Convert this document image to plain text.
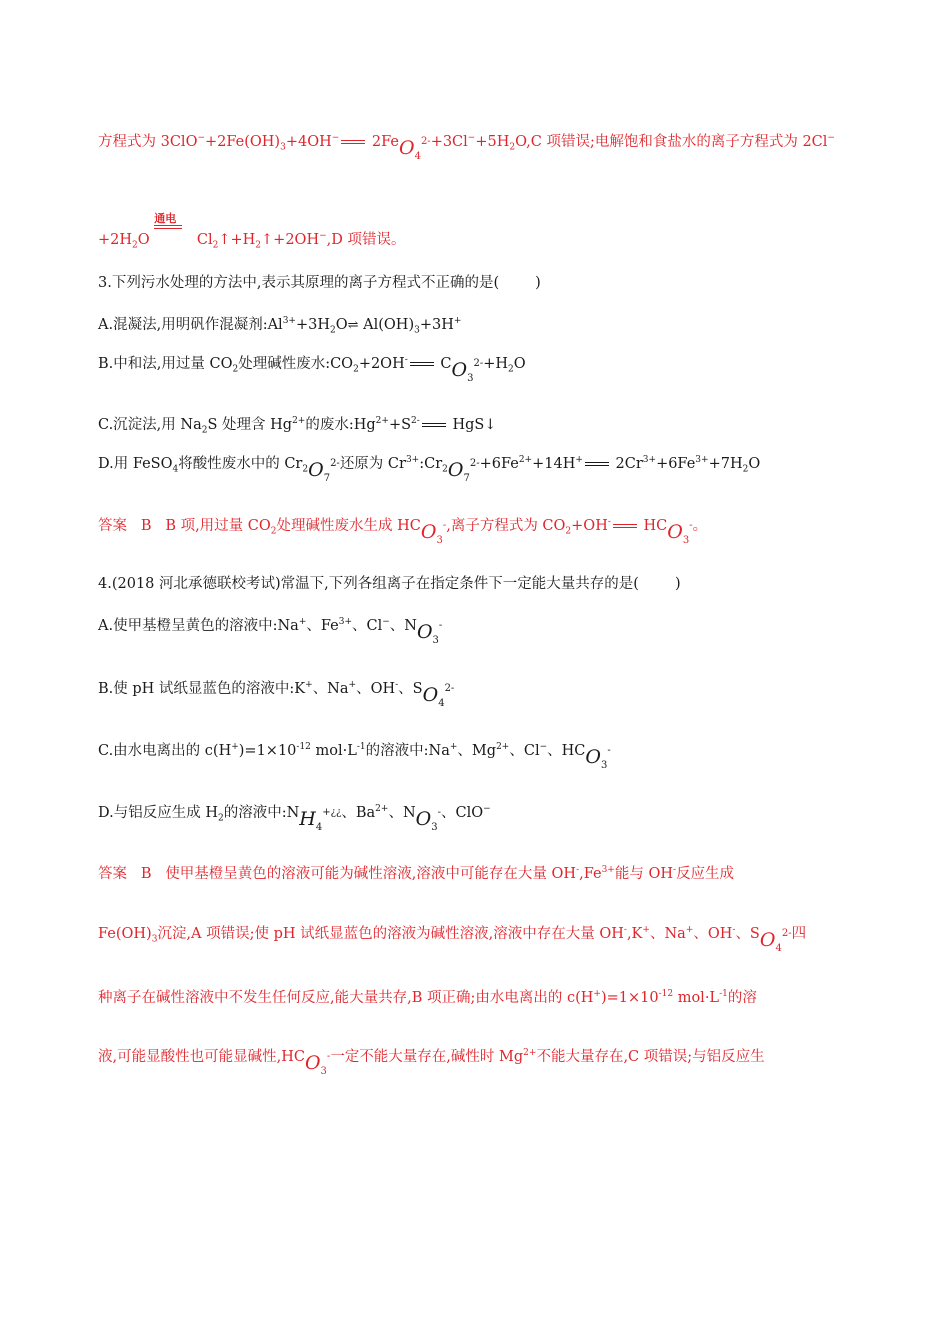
方程式为 $3ClO^-+2Fe(OH)_3+4OH^-$ $2FeO_42-+3Cl^-+5H_2O,C$ 项错误;电解饱和食盐水的离子方程式为 2Cl−
$+2H_2O$
通电
$Cl_2↑+H_2↑+2OH^-,D$ 项错误。
3.下列污水处理的方法中,表示其原理的离子方程式不正确的是( )
A.混凝法,用明矾作混凝剂$:Al^{3+}+3H_2O\rightleftharpoons$ $Al(OH)_3+3H^+$
B.中和法,用过量 $CO_2$处理碱性废水$:CO_2+2OH^-$ $CO_32-+H_2O$
C.沉淀法,用 $Na_2S$ 处理含 $Hg^{2+}$的废水$:Hg^{2+}+S^{2-}$ HgS↓
D.用 FeSO$_4$将酸性废水中的 $Cr_2O_72-$还原为 $Cr^{3+}:Cr_2O_72-+6Fe^{2+}+14H^+$ $2Cr^{3+}+6Fe^{3+}+7H_2O$
答案 B B 项,用过量 $CO_2$处理碱性废水生成 $HCO_3-$,离子方程式为 $CO_2+OH^-$ $HCO_3-$。
4.(2018 河北承德联校考试)常温下,下列各组离子在指定条件下一定能大量共存的是( )
A.使甲基橙呈黄色的溶液中:Na+、$Fe^{3+}$、Cl−、$NO_3-$
B.使 pH 试纸显蓝色的溶液中:K+、Na+、OH-、$SO_42-$
C.由水电离出的 $c(H^+)=1\times 10^{-12}$ $mol\cdot L^{-1}$的溶液中:Na+、$Mg^{2+}$、Cl−、$HCO_3-$
D.与铝反应生成 $H_2$的溶液中$:NH_4+¿¿$、$Ba^{2+}$、$NO_3-$、ClO−
答案 B 使甲基橙呈黄色的溶液可能为碱性溶液,溶液中可能存在大量 $OH^-,Fe^{3+}$能与 OH-反应生成
$Fe(OH)_3$沉淀,A 项错误;使 pH 试纸显蓝色的溶液为碱性溶液,溶液中存在大量 OH-,K+、Na+、OH-、$SO_42-$四
种离子在碱性溶液中不发生任何反应,能大量共存,B 项正确;由水电离出的 $c(H^+)=1\times 10^{-12}$ $mol\cdot L^{-1}$的溶
液,可能显酸性也可能显碱性$,HCO_3-$一定不能大量存在,碱性时 $Mg^{2+}$不能大量存在,C 项错误;与铝反应生
